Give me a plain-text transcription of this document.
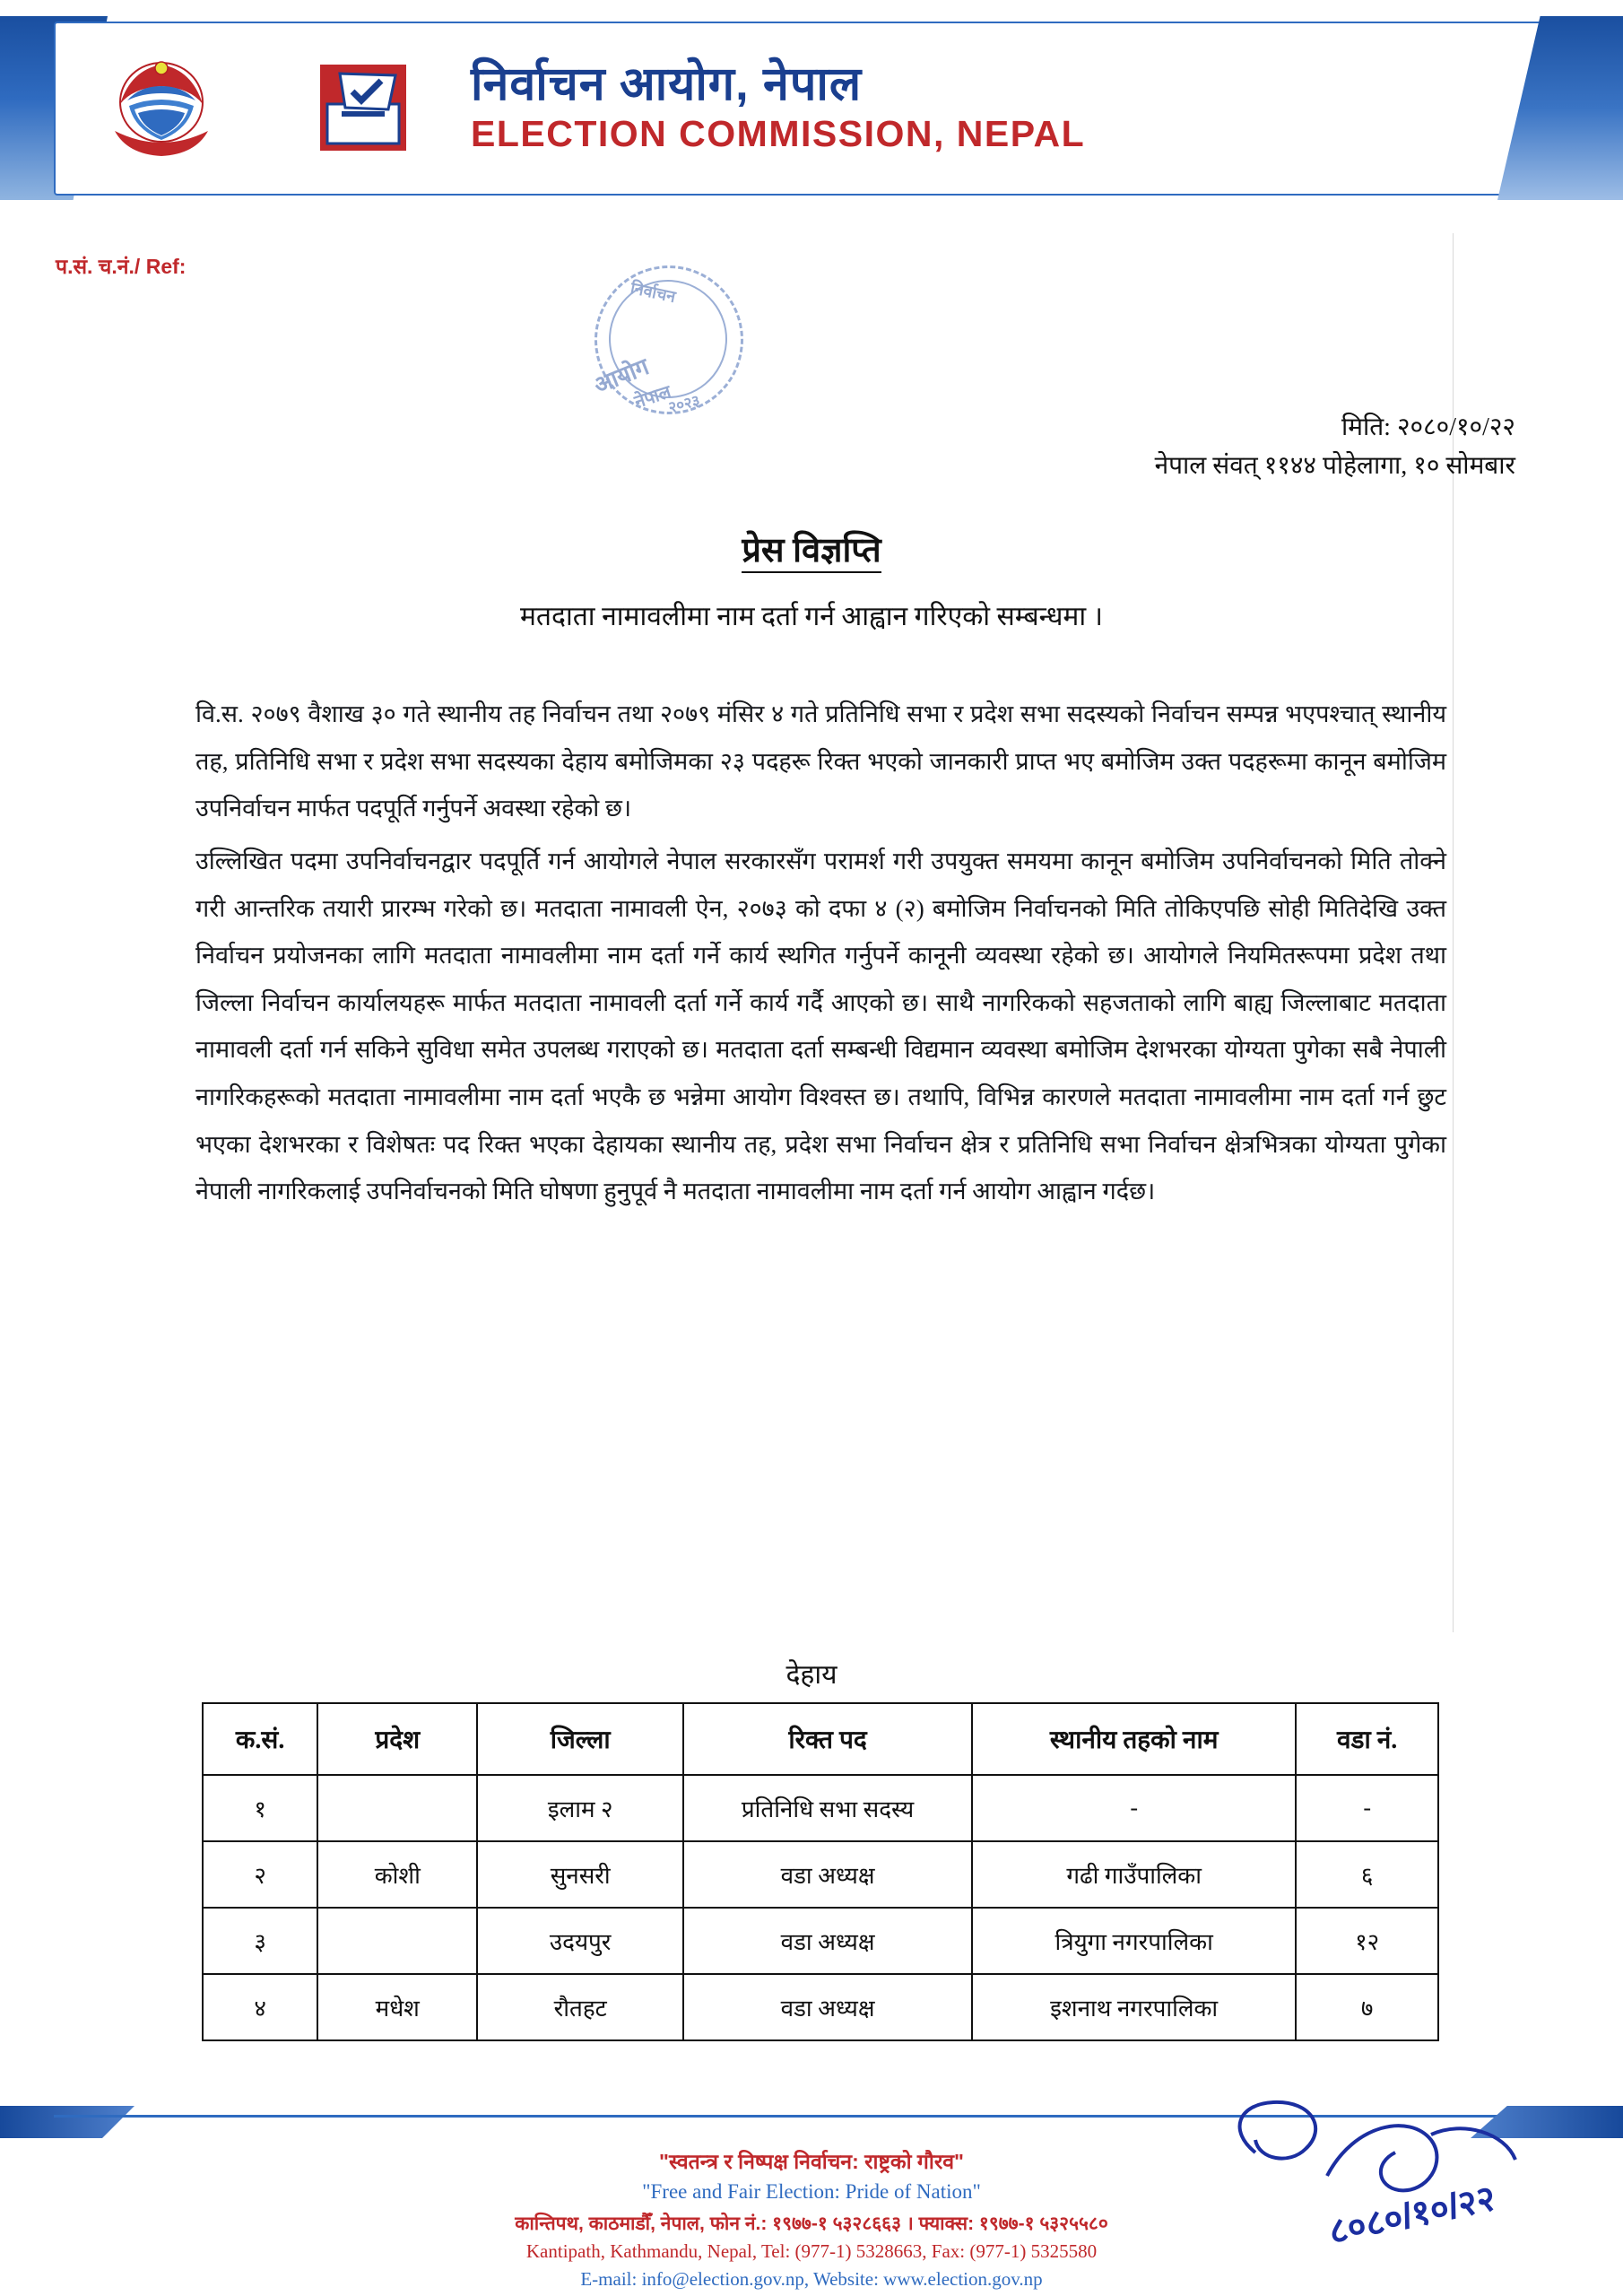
निर्वाचन आयोग, नेपाल
ELECTION COMMISSION, NEPAL
प.सं. च.नं./ Ref:
निर्वाचन
आयोग
नेपाल
२०२३
मिति: २०८०/१०/२२
नेपाल संवत् ११४४ पोहेलागा, १० सोमबार
प्रेस विज्ञप्ति
मतदाता नामावलीमा नाम दर्ता गर्न आह्वान गरिएको सम्बन्धमा ।

वि.स. २०७९ वैशाख ३० गते स्थानीय तह निर्वाचन तथा २०७९ मंसिर ४ गते प्रतिनिधि सभा र प्रदेश सभा सदस्यको निर्वाचन सम्पन्न भएपश्चात् स्थानीय तह, प्रतिनिधि सभा र प्रदेश सभा सदस्यका देहाय बमोजिमका २३ पदहरू रिक्त भएको जानकारी प्राप्त भए बमोजिम उक्त पदहरूमा कानून बमोजिम उपनिर्वाचन मार्फत पदपूर्ति गर्नुपर्ने अवस्था रहेको छ।

उल्लिखित पदमा उपनिर्वाचनद्वार पदपूर्ति गर्न आयोगले नेपाल सरकारसँग परामर्श गरी उपयुक्त समयमा कानून बमोजिम उपनिर्वाचनको मिति तोक्ने गरी आन्तरिक तयारी प्रारम्भ गरेको छ। मतदाता नामावली ऐन, २०७३ को दफा ४ (२) बमोजिम निर्वाचनको मिति तोकिएपछि सोही मितिदेखि उक्त निर्वाचन प्रयोजनका लागि मतदाता नामावलीमा नाम दर्ता गर्ने कार्य स्थगित गर्नुपर्ने कानूनी व्यवस्था रहेको छ। आयोगले नियमितरूपमा प्रदेश तथा जिल्ला निर्वाचन कार्यालयहरू मार्फत मतदाता नामावली दर्ता गर्ने कार्य गर्दै आएको छ। साथै नागरिकको सहजताको लागि बाह्य जिल्लाबाट मतदाता नामावली दर्ता गर्न सकिने सुविधा समेत उपलब्ध गराएको छ। मतदाता दर्ता सम्बन्धी विद्यमान व्यवस्था बमोजिम देशभरका योग्यता पुगेका सबै नेपाली नागरिकहरूको मतदाता नामावलीमा नाम दर्ता भएकै छ भन्नेमा आयोग विश्वस्त छ। तथापि, विभिन्न कारणले मतदाता नामावलीमा नाम दर्ता गर्न छुट भएका देशभरका र विशेषतः पद रिक्त भएका देहायका स्थानीय तह, प्रदेश सभा निर्वाचन क्षेत्र र प्रतिनिधि सभा निर्वाचन क्षेत्रभित्रका योग्यता पुगेका नेपाली नागरिकलाई उपनिर्वाचनको मिति घोषणा हुनुपूर्व नै मतदाता नामावलीमा नाम दर्ता गर्न आयोग आह्वान गर्दछ।

देहाय
क.सं.	प्रदेश	जिल्ला	रिक्त पद	स्थानीय तहको नाम	वडा नं.
१		इलाम २	प्रतिनिधि सभा सदस्य	-	-
२	कोशी	सुनसरी	वडा अध्यक्ष	गढी गाउँपालिका	६
३		उदयपुर	वडा अध्यक्ष	त्रियुगा नगरपालिका	१२
४	मधेश	रौतहट	वडा अध्यक्ष	इशनाथ नगरपालिका	७
"स्वतन्त्र र निष्पक्ष निर्वाचन: राष्ट्रको गौरव"
"Free and Fair Election: Pride of Nation"
कान्तिपथ, काठमाडौँ, नेपाल, फोन नं.: १९७७-१ ५३२८६६३ । फ्याक्स: १९७७-१ ५३२५५८०
Kantipath, Kathmandu, Nepal, Tel: (977-1) 5328663, Fax: (977-1) 5325580
E-mail: info@election.gov.np, Website: www.election.gov.np
८०८०/१०/२२
